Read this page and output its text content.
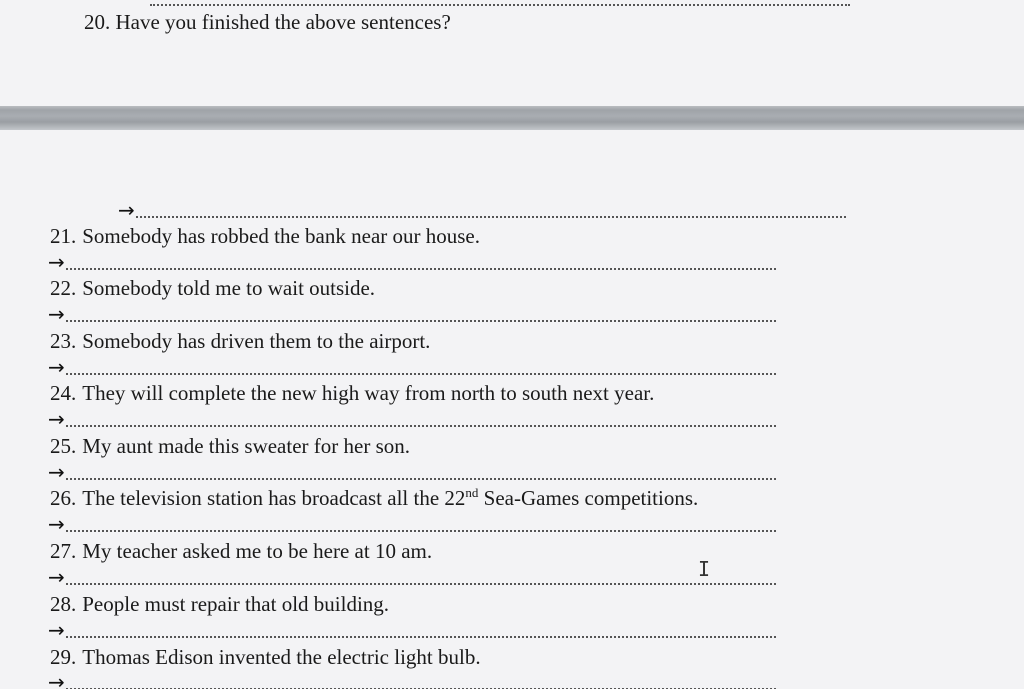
20. Have you finished the above sentences?
→
21. Somebody has robbed the bank near our house.
→
22. Somebody told me to wait outside.
→
23. Somebody has driven them to the airport.
→
24. They will complete the new high way from north to south next year.
→
25. My aunt made this sweater for her son.
→
26. The television station has broadcast all the 22nd Sea-Games competitions.
→
27. My teacher asked me to be here at 10 am.
→
28. People must repair that old building.
→
29. Thomas Edison invented the electric light bulb.
→
I
